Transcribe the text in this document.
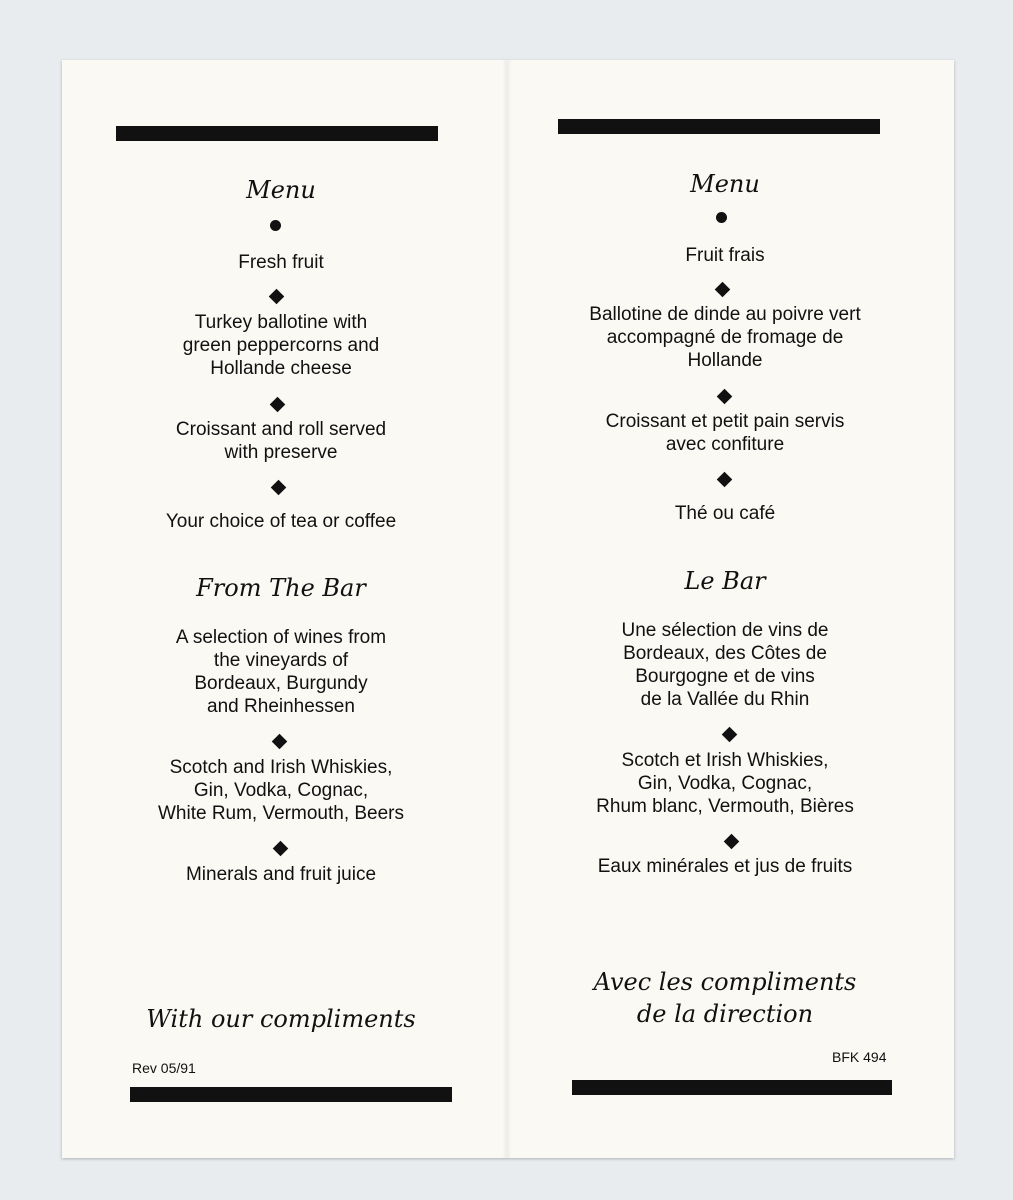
Menu
Fresh fruit
Turkey ballotine with
green peppercorns and
Hollande cheese
Croissant and roll served
with preserve
Your choice of tea or coffee
From The Bar
A selection of wines from
the vineyards of
Bordeaux, Burgundy
and Rheinhessen
Scotch and Irish Whiskies,
Gin, Vodka, Cognac,
White Rum, Vermouth, Beers
Minerals and fruit juice
With our compliments
Rev 05/91
Menu
Fruit frais
Ballotine de dinde au poivre vert
accompagné de fromage de
Hollande
Croissant et petit pain servis
avec confiture
Thé ou café
Le Bar
Une sélection de vins de
Bordeaux, des Côtes de
Bourgogne et de vins
de la Vallée du Rhin
Scotch et Irish Whiskies,
Gin, Vodka, Cognac,
Rhum blanc, Vermouth, Bières
Eaux minérales et jus de fruits
Avec les compliments
de la direction
BFK 494
